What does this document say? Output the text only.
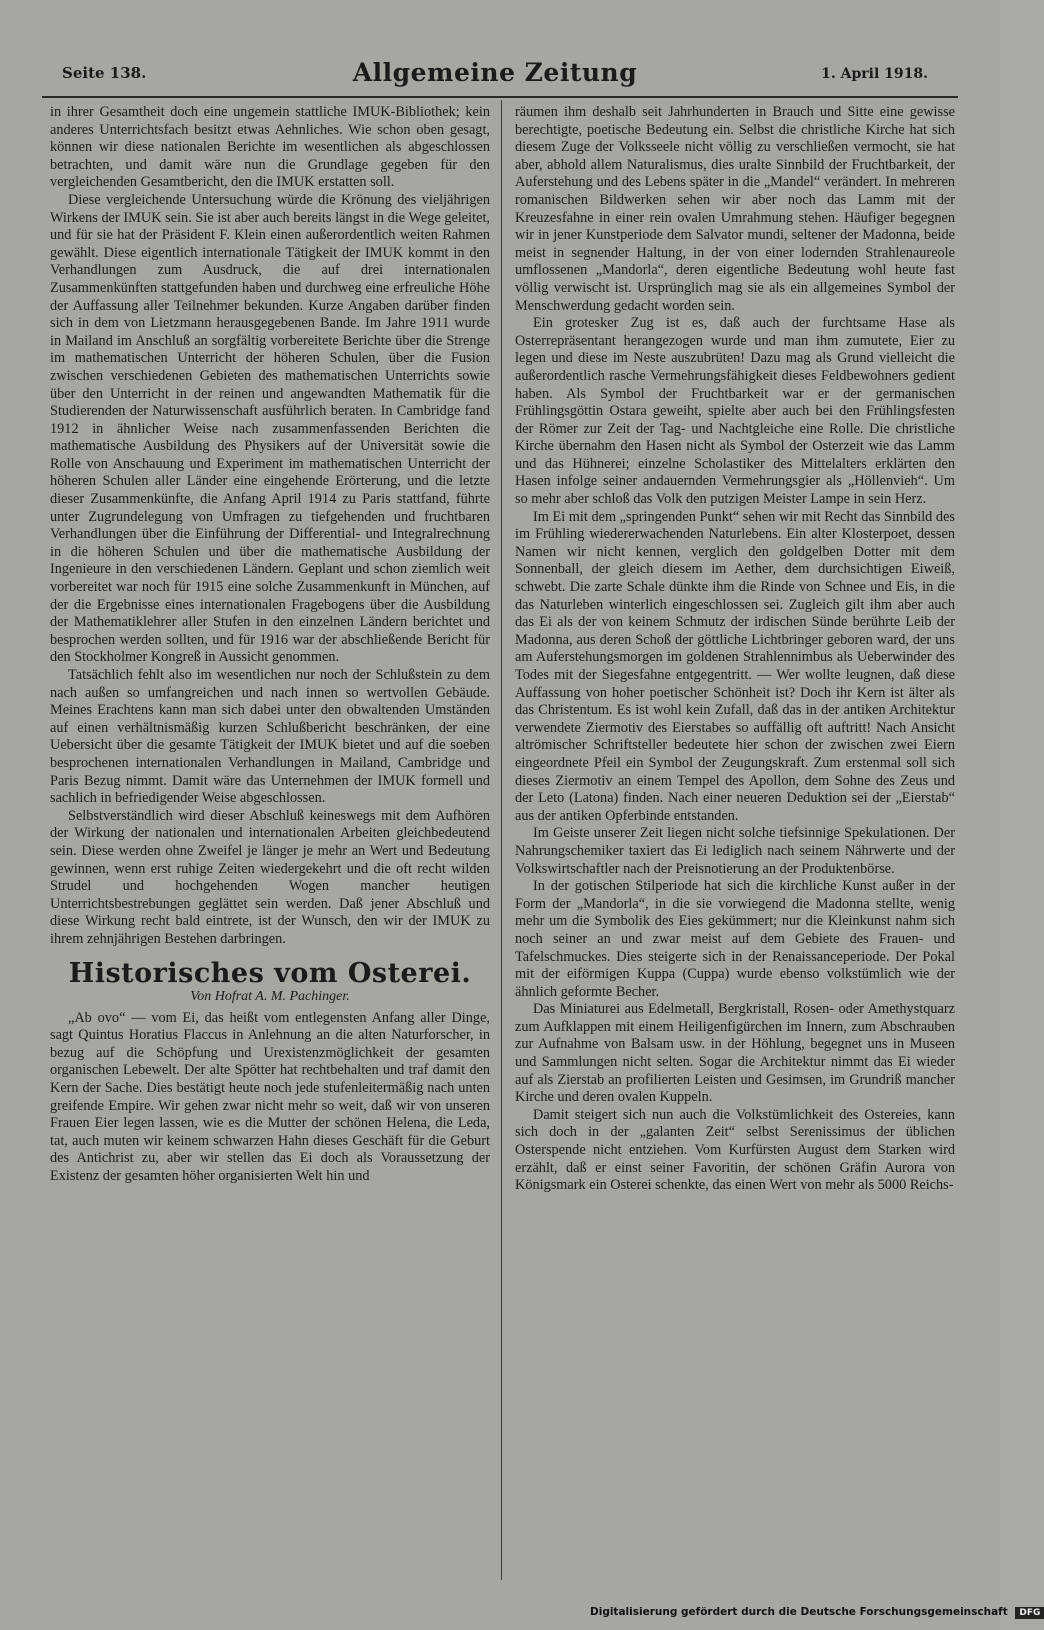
Seite 138.	Allgemeine Zeitung	1. April 1918.

in ihrer Gesamtheit doch eine ungemein stattliche IMUK-Bibliothek; kein anderes Unterrichtsfach besitzt etwas Aehnliches. Wie schon oben gesagt, können wir diese nationalen Berichte im wesentlichen als abgeschlossen betrachten, und damit wäre nun die Grundlage gegeben für den vergleichenden Gesamtbericht, den die IMUK erstatten soll.

Diese vergleichende Untersuchung würde die Krönung des vieljährigen Wirkens der IMUK sein. Sie ist aber auch bereits längst in die Wege geleitet, und für sie hat der Präsident F. Klein einen außerordentlich weiten Rahmen gewählt. Diese eigentlich internationale Tätigkeit der IMUK kommt in den Verhandlungen zum Ausdruck, die auf drei internationalen Zusammenkünften stattgefunden haben und durchweg eine erfreuliche Höhe der Auffassung aller Teilnehmer bekunden. Kurze Angaben darüber finden sich in dem von Lietzmann herausgegebenen Bande. Im Jahre 1911 wurde in Mailand im Anschluß an sorgfältig vorbereitete Berichte über die Strenge im mathematischen Unterricht der höheren Schulen, über die Fusion zwischen verschiedenen Gebieten des mathematischen Unterrichts sowie über den Unterricht in der reinen und angewandten Mathematik für die Studierenden der Naturwissenschaft ausführlich beraten. In Cambridge fand 1912 in ähnlicher Weise nach zusammenfassenden Berichten die mathematische Ausbildung des Physikers auf der Universität sowie die Rolle von Anschauung und Experiment im mathematischen Unterricht der höheren Schulen aller Länder eine eingehende Erörterung, und die letzte dieser Zusammenkünfte, die Anfang April 1914 zu Paris stattfand, führte unter Zugrundelegung von Umfragen zu tiefgehenden und fruchtbaren Verhandlungen über die Einführung der Differential- und Integralrechnung in die höheren Schulen und über die mathematische Ausbildung der Ingenieure in den verschiedenen Ländern. Geplant und schon ziemlich weit vorbereitet war noch für 1915 eine solche Zusammenkunft in München, auf der die Ergebnisse eines internationalen Fragebogens über die Ausbildung der Mathematiklehrer aller Stufen in den einzelnen Ländern berichtet und besprochen werden sollten, und für 1916 war der abschließende Bericht für den Stockholmer Kongreß in Aussicht genommen.

Tatsächlich fehlt also im wesentlichen nur noch der Schlußstein zu dem nach außen so umfangreichen und nach innen so wertvollen Gebäude. Meines Erachtens kann man sich dabei unter den obwaltenden Umständen auf einen verhältnismäßig kurzen Schlußbericht beschränken, der eine Uebersicht über die gesamte Tätigkeit der IMUK bietet und auf die soeben besprochenen internationalen Verhandlungen in Mailand, Cambridge und Paris Bezug nimmt. Damit wäre das Unternehmen der IMUK formell und sachlich in befriedigender Weise abgeschlossen.

Selbstverständlich wird dieser Abschluß keineswegs mit dem Aufhören der Wirkung der nationalen und internationalen Arbeiten gleichbedeutend sein. Diese werden ohne Zweifel je länger je mehr an Wert und Bedeutung gewinnen, wenn erst ruhige Zeiten wiedergekehrt und die oft recht wilden Strudel und hochgehenden Wogen mancher heutigen Unterrichtsbestrebungen geglättet sein werden. Daß jener Abschluß und diese Wirkung recht bald eintrete, ist der Wunsch, den wir der IMUK zu ihrem zehnjährigen Bestehen darbringen.

Historisches vom Osterei.
Von Hofrat A. M. Pachinger.

„Ab ovo“ — vom Ei, das heißt vom entlegensten Anfang aller Dinge, sagt Quintus Horatius Flaccus in Anlehnung an die alten Naturforscher, in bezug auf die Schöpfung und Urexistenzmöglichkeit der gesamten organischen Lebewelt. Der alte Spötter hat rechtbehalten und traf damit den Kern der Sache. Dies bestätigt heute noch jede stufenleitermäßig nach unten greifende Empire. Wir gehen zwar nicht mehr so weit, daß wir von unseren Frauen Eier legen lassen, wie es die Mutter der schönen Helena, die Leda, tat, auch muten wir keinem schwarzen Hahn dieses Geschäft für die Geburt des Antichrist zu, aber wir stellen das Ei doch als Voraussetzung der Existenz der gesamten höher organisierten Welt hin und

räumen ihm deshalb seit Jahrhunderten in Brauch und Sitte eine gewisse berechtigte, poetische Bedeutung ein. Selbst die christliche Kirche hat sich diesem Zuge der Volksseele nicht völlig zu verschließen vermocht, sie hat aber, abhold allem Naturalismus, dies uralte Sinnbild der Fruchtbarkeit, der Auferstehung und des Lebens später in die „Mandel“ verändert. In mehreren romanischen Bildwerken sehen wir aber noch das Lamm mit der Kreuzesfahne in einer rein ovalen Umrahmung stehen. Häufiger begegnen wir in jener Kunstperiode dem Salvator mundi, seltener der Madonna, beide meist in segnender Haltung, in der von einer lodernden Strahlenaureole umflossenen „Mandorla“, deren eigentliche Bedeutung wohl heute fast völlig verwischt ist. Ursprünglich mag sie als ein allgemeines Symbol der Menschwerdung gedacht worden sein.

Ein grotesker Zug ist es, daß auch der furchtsame Hase als Osterrepräsentant herangezogen wurde und man ihm zumutete, Eier zu legen und diese im Neste auszubrüten! Dazu mag als Grund vielleicht die außerordentlich rasche Vermehrungsfähigkeit dieses Feldbewohners gedient haben. Als Symbol der Fruchtbarkeit war er der germanischen Frühlingsgöttin Ostara geweiht, spielte aber auch bei den Frühlingsfesten der Römer zur Zeit der Tag- und Nachtgleiche eine Rolle. Die christliche Kirche übernahm den Hasen nicht als Symbol der Osterzeit wie das Lamm und das Hühnerei; einzelne Scholastiker des Mittelalters erklärten den Hasen infolge seiner andauernden Vermehrungsgier als „Höllenvieh“. Um so mehr aber schloß das Volk den putzigen Meister Lampe in sein Herz.

Im Ei mit dem „springenden Punkt“ sehen wir mit Recht das Sinnbild des im Frühling wiedererwachenden Naturlebens. Ein alter Klosterpoet, dessen Namen wir nicht kennen, verglich den goldgelben Dotter mit dem Sonnenball, der gleich diesem im Aether, dem durchsichtigen Eiweiß, schwebt. Die zarte Schale dünkte ihm die Rinde von Schnee und Eis, in die das Naturleben winterlich eingeschlossen sei. Zugleich gilt ihm aber auch das Ei als der von keinem Schmutz der irdischen Sünde berührte Leib der Madonna, aus deren Schoß der göttliche Lichtbringer geboren ward, der uns am Auferstehungsmorgen im goldenen Strahlennimbus als Ueberwinder des Todes mit der Siegesfahne entgegentritt. — Wer wollte leugnen, daß diese Auffassung von hoher poetischer Schönheit ist? Doch ihr Kern ist älter als das Christentum. Es ist wohl kein Zufall, daß das in der antiken Architektur verwendete Ziermotiv des Eierstabes so auffällig oft auftritt! Nach Ansicht altrömischer Schriftsteller bedeutete hier schon der zwischen zwei Eiern eingeordnete Pfeil ein Symbol der Zeugungskraft. Zum erstenmal soll sich dieses Ziermotiv an einem Tempel des Apollon, dem Sohne des Zeus und der Leto (Latona) finden. Nach einer neueren Deduktion sei der „Eierstab“ aus der antiken Opferbinde entstanden.

Im Geiste unserer Zeit liegen nicht solche tiefsinnige Spekulationen. Der Nahrungschemiker taxiert das Ei lediglich nach seinem Nährwerte und der Volkswirtschaftler nach der Preisnotierung an der Produktenbörse.

In der gotischen Stilperiode hat sich die kirchliche Kunst außer in der Form der „Mandorla“, in die sie vorwiegend die Madonna stellte, wenig mehr um die Symbolik des Eies gekümmert; nur die Kleinkunst nahm sich noch seiner an und zwar meist auf dem Gebiete des Frauen- und Tafelschmuckes. Dies steigerte sich in der Renaissanceperiode. Der Pokal mit der eiförmigen Kuppa (Cuppa) wurde ebenso volkstümlich wie der ähnlich geformte Becher.

Das Miniaturei aus Edelmetall, Bergkristall, Rosen- oder Amethystquarz zum Aufklappen mit einem Heiligenfigürchen im Innern, zum Abschrauben zur Aufnahme von Balsam usw. in der Höhlung, begegnet uns in Museen und Sammlungen nicht selten. Sogar die Architektur nimmt das Ei wieder auf als Zierstab an profilierten Leisten und Gesimsen, im Grundriß mancher Kirche und deren ovalen Kuppeln.

Damit steigert sich nun auch die Volkstümlichkeit des Ostereies, kann sich doch in der „galanten Zeit“ selbst Serenissimus der üblichen Osterspende nicht entziehen. Vom Kurfürsten August dem Starken wird erzählt, daß er einst seiner Favoritin, der schönen Gräfin Aurora von Königsmark ein Osterei schenkte, das einen Wert von mehr als 5000 Reichs-

Digitalisierung gefördert durch die Deutsche Forschungsgemeinschaft DFG
